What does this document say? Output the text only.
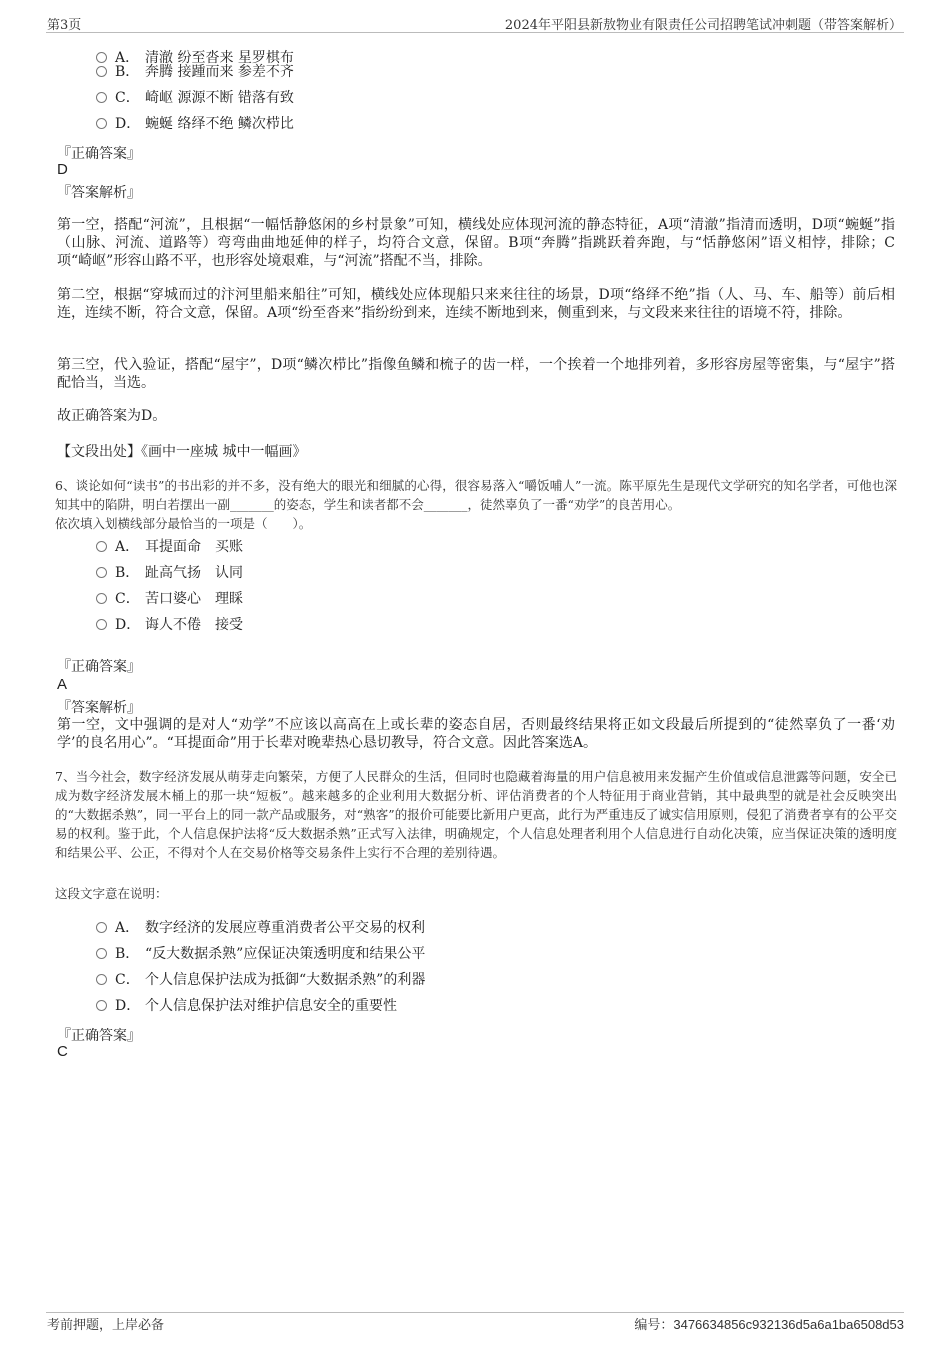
第3页	2024年平阳县新敖物业有限责任公司招聘笔试冲刺题（带答案解析）
A． 清澈 纷至沓来 星罗棋布
B． 奔腾 接踵而来 参差不齐
C． 崎岖 源源不断 错落有致
D． 蜿蜒 络绎不绝 鳞次栉比
『正确答案』
D
『答案解析』
第一空，搭配“河流”，且根据“一幅恬静悠闲的乡村景象”可知，横线处应体现河流的静态特征，A项“清澈”指清而透明，D项“蜿蜒”指（山脉、河流、道路等）弯弯曲曲地延伸的样子，均符合文意，保留。B项“奔腾”指跳跃着奔跑，与“恬静悠闲”语义相悖，排除；C项“崎岖”形容山路不平，也形容处境艰难，与“河流”搭配不当，排除。
第二空，根据“穿城而过的汴河里船来船往”可知，横线处应体现船只来来往往的场景，D项“络绎不绝”指（人、马、车、船等）前后相连，连续不断，符合文意，保留。A项“纷至沓来”指纷纷到来，连续不断地到来，侧重到来，与文段来来往往的语境不符，排除。
第三空，代入验证，搭配“屋宇”，D项“鳞次栉比”指像鱼鳞和梳子的齿一样，一个挨着一个地排列着，多形容房屋等密集，与“屋宇”搭配恰当，当选。
故正确答案为D。
【文段出处】《画中一座城 城中一幅画》
6、谈论如何“读书”的书出彩的并不多，没有绝大的眼光和细腻的心得，很容易落入“嚼饭哺人”一流。陈平原先生是现代文学研究的知名学者，可他也深知其中的陷阱，明白若摆出一副_______的姿态，学生和读者都不会_______，徒然辜负了一番“劝学”的良苦用心。
依次填入划横线部分最恰当的一项是（　　）。
A． 耳提面命　买账
B． 趾高气扬　认同
C． 苦口婆心　理睬
D． 诲人不倦　接受
『正确答案』
A
『答案解析』
第一空，文中强调的是对人“劝学”不应该以高高在上或长辈的姿态自居，否则最终结果将正如文段最后所提到的“徒然辜负了一番‘劝学’的良名用心”。“耳提面命”用于长辈对晚辈热心恳切教导，符合文意。因此答案选A。
7、当今社会，数字经济发展从萌芽走向繁荣，方便了人民群众的生活，但同时也隐藏着海量的用户信息被用来发掘产生价值或信息泄露等问题，安全已成为数字经济发展木桶上的那一块“短板”。越来越多的企业利用大数据分析、评估消费者的个人特征用于商业营销，其中最典型的就是社会反映突出的“大数据杀熟”，同一平台上的同一款产品或服务，对“熟客”的报价可能要比新用户更高，此行为严重违反了诚实信用原则，侵犯了消费者享有的公平交易的权利。鉴于此，个人信息保护法将“反大数据杀熟”正式写入法律，明确规定，个人信息处理者利用个人信息进行自动化决策，应当保证决策的透明度和结果公平、公正，不得对个人在交易价格等交易条件上实行不合理的差别待遇。
这段文字意在说明：
A． 数字经济的发展应尊重消费者公平交易的权利
B． “反大数据杀熟”应保证决策透明度和结果公平
C． 个人信息保护法成为抵御“大数据杀熟”的利器
D． 个人信息保护法对维护信息安全的重要性
『正确答案』
C
考前押题，上岸必备	编号：3476634856c932136d5a6a1ba6508d53
